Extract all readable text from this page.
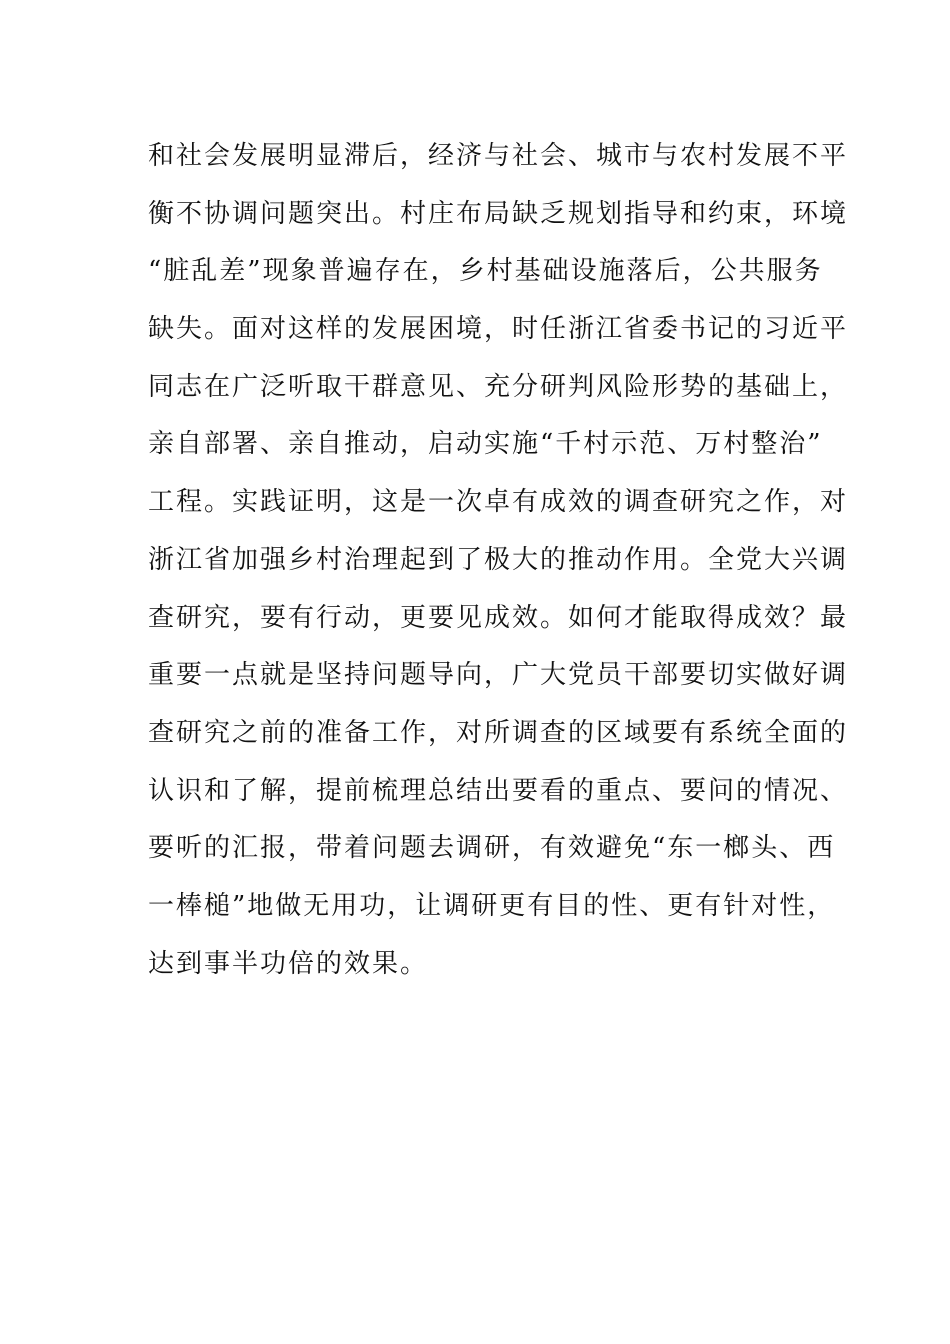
和社会发展明显滞后，经济与社会、城市与农村发展不平
衡不协调问题突出。村庄布局缺乏规划指导和约束，环境
“脏乱差”现象普遍存在，乡村基础设施落后，公共服务
缺失。面对这样的发展困境，时任浙江省委书记的习近平
同志在广泛听取干群意见、充分研判风险形势的基础上，
亲自部署、亲自推动，启动实施“千村示范、万村整治”
工程。实践证明，这是一次卓有成效的调查研究之作，对
浙江省加强乡村治理起到了极大的推动作用。全党大兴调
查研究，要有行动，更要见成效。如何才能取得成效？最
重要一点就是坚持问题导向，广大党员干部要切实做好调
查研究之前的准备工作，对所调查的区域要有系统全面的
认识和了解，提前梳理总结出要看的重点、要问的情况、
要听的汇报，带着问题去调研，有效避免“东一榔头、西
一棒槌”地做无用功，让调研更有目的性、更有针对性，
达到事半功倍的效果。
